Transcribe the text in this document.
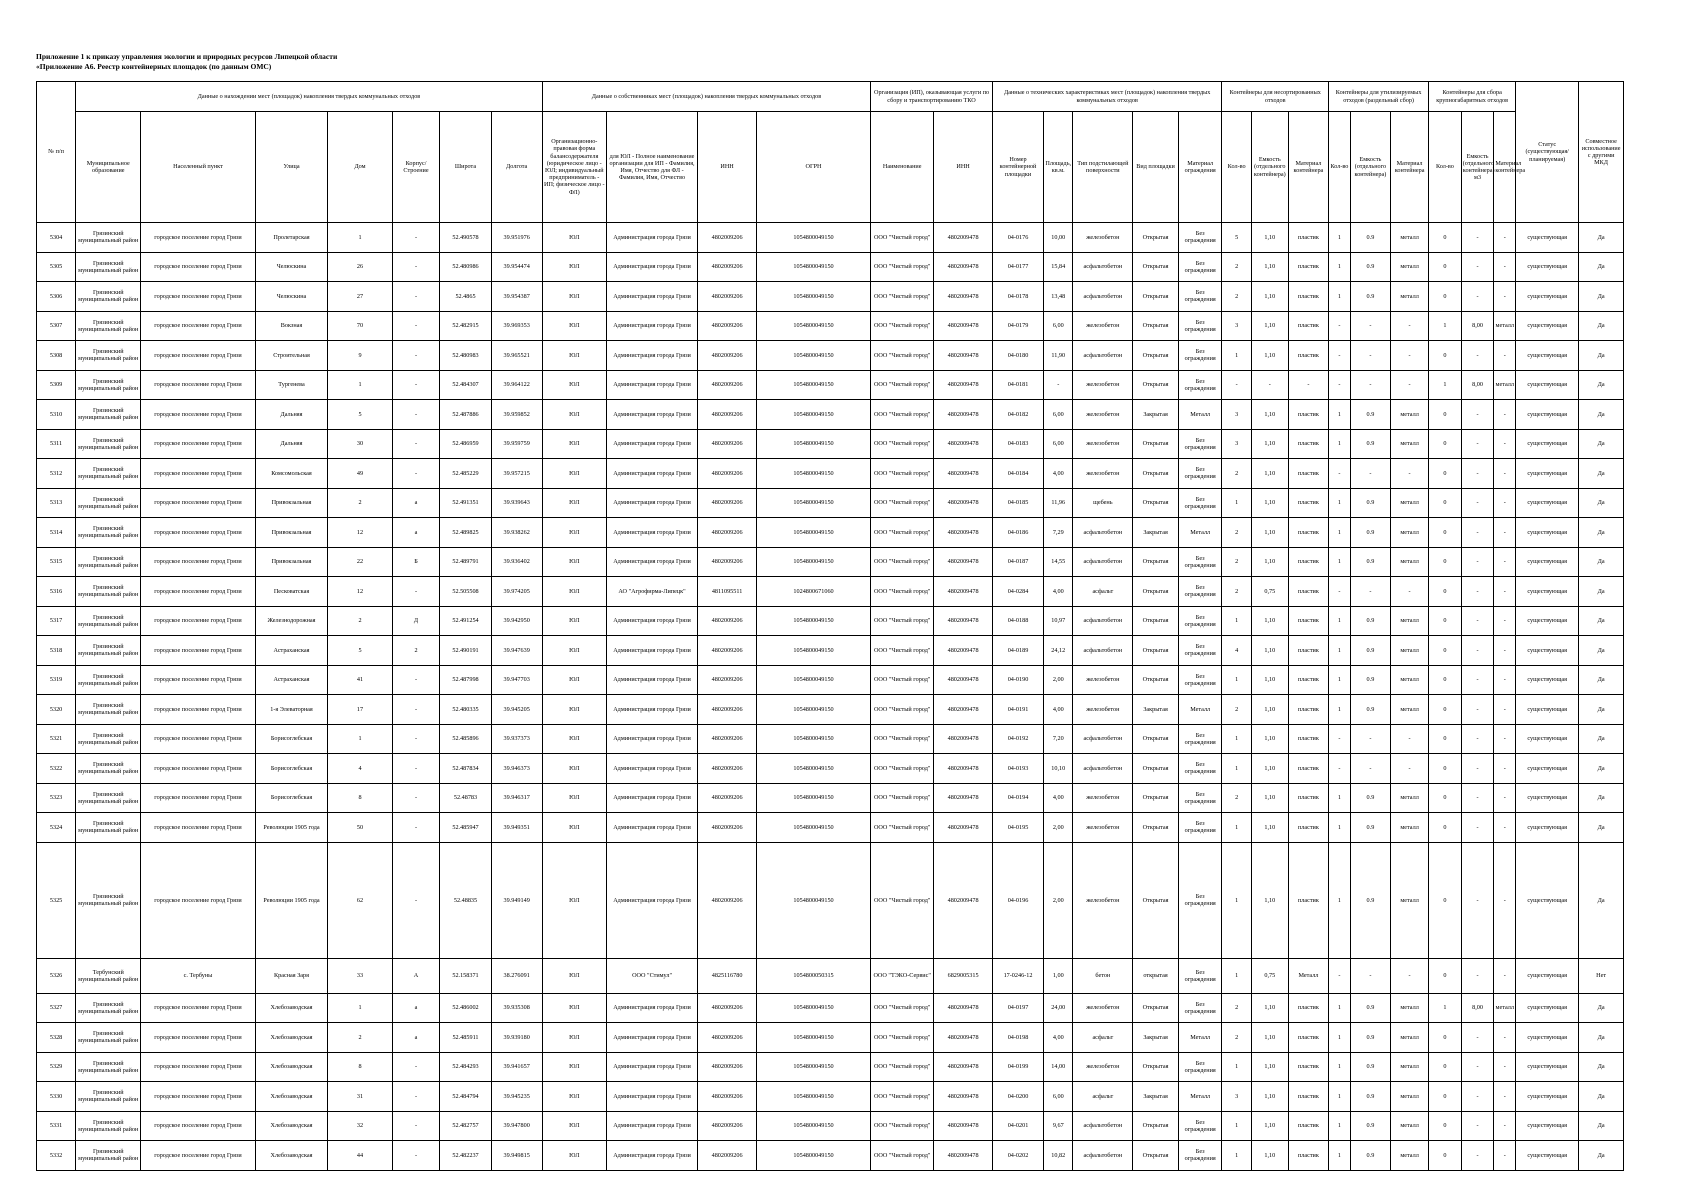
Приложение 1 к приказу управления экологии и природных ресурсов Липецкой области
«Приложение А6. Реестр контейнерных площадок (по данным ОМС)
№ п/п	Данные о нахождении мест (площадок) накопления твердых коммунальных отходов							Данные о собственниках мест (площадок) накопления твердых коммунальных отходов				Организация (ИП), оказывающая услуги по сбору и транспортированию ТКО		Данные о технических характеристиках мест (площадок) накопления твердых коммунальных отходов					Контейнеры для несортированных отходов			Контейнеры для утилизируемых отходов (раздельный сбор)			Контейнеры для сбора крупногабаритных отходов			Статус (существующая/планируемая)	Совместное использование с другими МКД
	Муниципальное образование	Населенный пункт	Улица	Дом	Корпус/Строение	Широта	Долгота	Организационно-правовая форма балансодержателя (юридическое лицо - ЮЛ; индивидуальный предприниматель - ИП; физическое лицо - ФЛ)	для ЮЛ - Полное наименование организации для ИП - Фамилия, Имя, Отчество для ФЛ - Фамилия, Имя, Отчество	ИНН	ОГРН	Наименование	ИНН	Номер контейнерной площадки	Площадь, кв.м.	Тип подстилающей поверхности	Вид площадки	Материал ограждения	Кол-во	Емкость (отдельного контейнера)	Материал контейнера	Кол-во	Емкость (отдельного контейнера)	Материал контейнера	Кол-во	Емкость (отдельного контейнера) м3	Материал контейнера		
5304	Грязинский муниципальный район	городское поселение город Грязи	Пролетарская	1	-	52.490578	39.951976	ЮЛ	Администрация города Грязи	4802009206	1054800049150	ООО "Чистый город"	4802009478	04-0176	10,00	железобетон	Открытая	Без ограждения	5	1,10	пластик	1	0.9	металл	0	-	-	существующая	Да
5305	Грязинский муниципальный район	городское поселение город Грязи	Челюскина	26	-	52.480986	39.954474	ЮЛ	Администрация города Грязи	4802009206	1054800049150	ООО "Чистый город"	4802009478	04-0177	15,84	асфальтобетон	Открытая	Без ограждения	2	1,10	пластик	1	0.9	металл	0	-	-	существующая	Да
5306	Грязинский муниципальный район	городское поселение город Грязи	Челюскина	27	-	52.4865	39.954387	ЮЛ	Администрация города Грязи	4802009206	1054800049150	ООО "Чистый город"	4802009478	04-0178	13,48	асфальтобетон	Открытая	Без ограждения	2	1,10	пластик	1	0.9	металл	0	-	-	существующая	Да
5307	Грязинский муниципальный район	городское поселение город Грязи	Вокзная	70	-	52.482915	39.969353	ЮЛ	Администрация города Грязи	4802009206	1054800049150	ООО "Чистый город"	4802009478	04-0179	6,00	железобетон	Открытая	Без ограждения	3	1,10	пластик	-	-	-	1	8,00	металл	существующая	Да
5308	Грязинский муниципальный район	городское поселение город Грязи	Строительная	9	-	52.480983	39.965521	ЮЛ	Администрация города Грязи	4802009206	1054800049150	ООО "Чистый город"	4802009478	04-0180	11,90	асфальтобетон	Открытая	Без ограждения	1	1,10	пластик	-	-	-	0	-	-	существующая	Да
5309	Грязинский муниципальный район	городское поселение город Грязи	Тургенева	1	-	52.484307	39.964122	ЮЛ	Администрация города Грязи	4802009206	1054800049150	ООО "Чистый город"	4802009478	04-0181	-	железобетон	Открытая	Без ограждения	-	-	-	-	-	-	1	8,00	металл	существующая	Да
5310	Грязинский муниципальный район	городское поселение город Грязи	Дальняя	5	-	52.487886	39.959852	ЮЛ	Администрация города Грязи	4802009206	1054800049150	ООО "Чистый город"	4802009478	04-0182	6,00	железобетон	Закрытая	Металл	3	1,10	пластик	1	0.9	металл	0	-	-	существующая	Да
5311	Грязинский муниципальный район	городское поселение город Грязи	Дальняя	30	-	52.486959	39.959759	ЮЛ	Администрация города Грязи	4802009206	1054800049150	ООО "Чистый город"	4802009478	04-0183	6,00	железобетон	Открытая	Без ограждения	3	1,10	пластик	1	0.9	металл	0	-	-	существующая	Да
5312	Грязинский муниципальный район	городское поселение город Грязи	Комсомольская	49	-	52.485229	39.957215	ЮЛ	Администрация города Грязи	4802009206	1054800049150	ООО "Чистый город"	4802009478	04-0184	4,00	железобетон	Открытая	Без ограждения	2	1,10	пластик	-	-	-	0	-	-	существующая	Да
5313	Грязинский муниципальный район	городское поселение город Грязи	Привокзальная	2	а	52.491351	39.939643	ЮЛ	Администрация города Грязи	4802009206	1054800049150	ООО "Чистый город"	4802009478	04-0185	11,96	щебень	Открытая	Без ограждения	1	1,10	пластик	1	0.9	металл	0	-	-	существующая	Да
5314	Грязинский муниципальный район	городское поселение город Грязи	Привокзальная	12	а	52.489825	39.938262	ЮЛ	Администрация города Грязи	4802009206	1054800049150	ООО "Чистый город"	4802009478	04-0186	7,29	асфальтобетон	Закрытая	Металл	2	1,10	пластик	1	0.9	металл	0	-	-	существующая	Да
5315	Грязинский муниципальный район	городское поселение город Грязи	Привокзальная	22	Б	52.489791	39.936402	ЮЛ	Администрация города Грязи	4802009206	1054800049150	ООО "Чистый город"	4802009478	04-0187	14,55	асфальтобетон	Открытая	Без ограждения	2	1,10	пластик	1	0.9	металл	0	-	-	существующая	Да
5316	Грязинский муниципальный район	городское поселение город Грязи	Песковатская	12	-	52.505508	39.974205	ЮЛ	АО "Агрофирма-Липецк"	4811095511	1024800671060	ООО "Чистый город"	4802009478	04-0284	4,00	асфальт	Открытая	Без ограждения	2	0,75	пластик	-	-	-	0	-	-	существующая	Да
5317	Грязинский муниципальный район	городское поселение город Грязи	Железнодорожная	2	Д	52.491254	39.942950	ЮЛ	Администрация города Грязи	4802009206	1054800049150	ООО "Чистый город"	4802009478	04-0188	10,97	асфальтобетон	Открытая	Без ограждения	1	1,10	пластик	1	0.9	металл	0	-	-	существующая	Да
5318	Грязинский муниципальный район	городское поселение город Грязи	Астраханская	5	2	52.490191	39.947639	ЮЛ	Администрация города Грязи	4802009206	1054800049150	ООО "Чистый город"	4802009478	04-0189	24,12	асфальтобетон	Открытая	Без ограждения	4	1,10	пластик	1	0.9	металл	0	-	-	существующая	Да
5319	Грязинский муниципальный район	городское поселение город Грязи	Астраханская	41	-	52.487998	39.947703	ЮЛ	Администрация города Грязи	4802009206	1054800049150	ООО "Чистый город"	4802009478	04-0190	2,00	железобетон	Открытая	Без ограждения	1	1,10	пластик	1	0.9	металл	0	-	-	существующая	Да
5320	Грязинский муниципальный район	городское поселение город Грязи	1-я Элеваторная	17	-	52.480335	39.945205	ЮЛ	Администрация города Грязи	4802009206	1054800049150	ООО "Чистый город"	4802009478	04-0191	4,00	железобетон	Закрытая	Металл	2	1,10	пластик	1	0.9	металл	0	-	-	существующая	Да
5321	Грязинский муниципальный район	городское поселение город Грязи	Борисоглебская	1	-	52.485896	39.937373	ЮЛ	Администрация города Грязи	4802009206	1054800049150	ООО "Чистый город"	4802009478	04-0192	7,20	асфальтобетон	Открытая	Без ограждения	1	1,10	пластик	-	-	-	0	-	-	существующая	Да
5322	Грязинский муниципальный район	городское поселение город Грязи	Борисоглебская	4	-	52.487834	39.946373	ЮЛ	Администрация города Грязи	4802009206	1054800049150	ООО "Чистый город"	4802009478	04-0193	10,10	асфальтобетон	Открытая	Без ограждения	1	1,10	пластик	-	-	-	0	-	-	существующая	Да
5323	Грязинский муниципальный район	городское поселение город Грязи	Борисоглебская	8	-	52.48783	39.946317	ЮЛ	Администрация города Грязи	4802009206	1054800049150	ООО "Чистый город"	4802009478	04-0194	4,00	железобетон	Открытая	Без ограждения	2	1,10	пластик	1	0.9	металл	0	-	-	существующая	Да
5324	Грязинский муниципальный район	городское поселение город Грязи	Революции 1905 года	50	-	52.485947	39.949351	ЮЛ	Администрация города Грязи	4802009206	1054800049150	ООО "Чистый город"	4802009478	04-0195	2,00	железобетон	Открытая	Без ограждения	1	1,10	пластик	1	0.9	металл	0	-	-	существующая	Да
5325	Грязинский муниципальный район	городское поселение город Грязи	Революции 1905 года	62	-	52.48835	39.949149	ЮЛ	Администрация города Грязи	4802009206	1054800049150	ООО "Чистый город"	4802009478	04-0196	2,00	железобетон	Открытая	Без ограждения	1	1,10	пластик	1	0.9	металл	0	-	-	существующая	Да
5326	Тербунский муниципальный район	с. Тербуны	Красная Заря	33	А	52.158371	38.276091	ЮЛ	ООО "Стимул"	4825116780	1054800050315	ООО "ТЭКО-Сервис"	6829005315	17-0246-12	1,00	бетон	открытая	Без ограждения	1	0,75	Металл	-	-	-	0	-	-	существующая	Нет
5327	Грязинский муниципальный район	городское поселение город Грязи	Хлебозаводская	1	а	52.486002	39.935308	ЮЛ	Администрация города Грязи	4802009206	1054800049150	ООО "Чистый город"	4802009478	04-0197	24,00	железобетон	Открытая	Без ограждения	2	1,10	пластик	1	0.9	металл	1	8,00	металл	существующая	Да
5328	Грязинский муниципальный район	городское поселение город Грязи	Хлебозаводская	2	а	52.485911	39.939180	ЮЛ	Администрация города Грязи	4802009206	1054800049150	ООО "Чистый город"	4802009478	04-0198	4,00	асфальт	Закрытая	Металл	2	1,10	пластик	1	0.9	металл	0	-	-	существующая	Да
5329	Грязинский муниципальный район	городское поселение город Грязи	Хлебозаводская	8	-	52.484293	39.941657	ЮЛ	Администрация города Грязи	4802009206	1054800049150	ООО "Чистый город"	4802009478	04-0199	14,00	железобетон	Открытая	Без ограждения	1	1,10	пластик	1	0.9	металл	0	-	-	существующая	Да
5330	Грязинский муниципальный район	городское поселение город Грязи	Хлебозаводская	31	-	52.484794	39.945235	ЮЛ	Администрация города Грязи	4802009206	1054800049150	ООО "Чистый город"	4802009478	04-0200	6,00	асфальт	Закрытая	Металл	3	1,10	пластик	1	0.9	металл	0	-	-	существующая	Да
5331	Грязинский муниципальный район	городское поселение город Грязи	Хлебозаводская	32	-	52.482757	39.947800	ЮЛ	Администрация города Грязи	4802009206	1054800049150	ООО "Чистый город"	4802009478	04-0201	9,67	асфальтобетон	Открытая	Без ограждения	1	1,10	пластик	1	0.9	металл	0	-	-	существующая	Да
5332	Грязинский муниципальный район	городское поселение город Грязи	Хлебозаводская	44	-	52.482237	39.949815	ЮЛ	Администрация города Грязи	4802009206	1054800049150	ООО "Чистый город"	4802009478	04-0202	10,82	асфальтобетон	Открытая	Без ограждения	1	1,10	пластик	1	0.9	металл	0	-	-	существующая	Да
